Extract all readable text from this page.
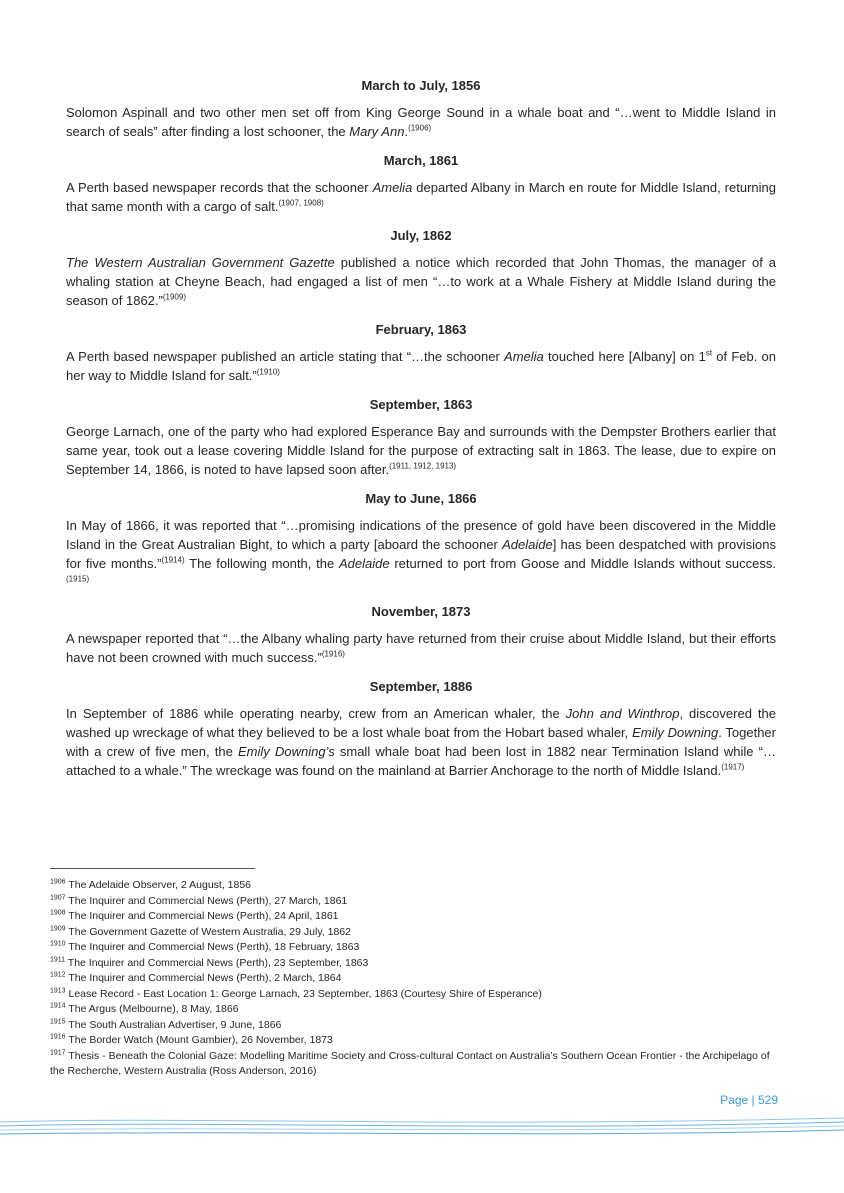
March to July, 1856
Solomon Aspinall and two other men set off from King George Sound in a whale boat and “…went to Middle Island in search of seals” after finding a lost schooner, the Mary Ann.$^{(1906)}$
March, 1861
A Perth based newspaper records that the schooner Amelia departed Albany in March en route for Middle Island, returning that same month with a cargo of salt.$^{(1907, 1908)}$
July, 1862
The Western Australian Government Gazette published a notice which recorded that John Thomas, the manager of a whaling station at Cheyne Beach, had engaged a list of men “…to work at a Whale Fishery at Middle Island during the season of 1862.”$^{(1909)}$
February, 1863
A Perth based newspaper published an article stating that “…the schooner Amelia touched here [Albany] on 1st of Feb. on her way to Middle Island for salt.”$^{(1910)}$
September, 1863
George Larnach, one of the party who had explored Esperance Bay and surrounds with the Dempster Brothers earlier that same year, took out a lease covering Middle Island for the purpose of extracting salt in 1863. The lease, due to expire on September 14, 1866, is noted to have lapsed soon after.$^{(1911, 1912, 1913)}$
May to June, 1866
In May of 1866, it was reported that “…promising indications of the presence of gold have been discovered in the Middle Island in the Great Australian Bight, to which a party [aboard the schooner Adelaide] has been despatched with provisions for five months.”$^{(1914)}$ The following month, the Adelaide returned to port from Goose and Middle Islands without success.$^{(1915)}$
November, 1873
A newspaper reported that “…the Albany whaling party have returned from their cruise about Middle Island, but their efforts have not been crowned with much success.”$^{(1916)}$
September, 1886
In September of 1886 while operating nearby, crew from an American whaler, the John and Winthrop, discovered the washed up wreckage of what they believed to be a lost whale boat from the Hobart based whaler, Emily Downing. Together with a crew of five men, the Emily Downing’s small whale boat had been lost in 1882 near Termination Island while “…attached to a whale.” The wreckage was found on the mainland at Barrier Anchorage to the north of Middle Island.$^{(1917)}$
$^{1906}$ The Adelaide Observer, 2 August, 1856
$^{1907}$ The Inquirer and Commercial News (Perth), 27 March, 1861
$^{1908}$ The Inquirer and Commercial News (Perth), 24 April, 1861
$^{1909}$ The Government Gazette of Western Australia, 29 July, 1862
$^{1910}$ The Inquirer and Commercial News (Perth), 18 February, 1863
$^{1911}$ The Inquirer and Commercial News (Perth), 23 September, 1863
$^{1912}$ The Inquirer and Commercial News (Perth), 2 March, 1864
$^{1913}$ Lease Record - East Location 1: George Larnach, 23 September, 1863 (Courtesy Shire of Esperance)
$^{1914}$ The Argus (Melbourne), 8 May, 1866
$^{1915}$ The South Australian Advertiser, 9 June, 1866
$^{1916}$ The Border Watch (Mount Gambier), 26 November, 1873
$^{1917}$ Thesis - Beneath the Colonial Gaze: Modelling Maritime Society and Cross-cultural Contact on Australia’s Southern Ocean Frontier - the Archipelago of the Recherche, Western Australia (Ross Anderson, 2016)
Page | 529
